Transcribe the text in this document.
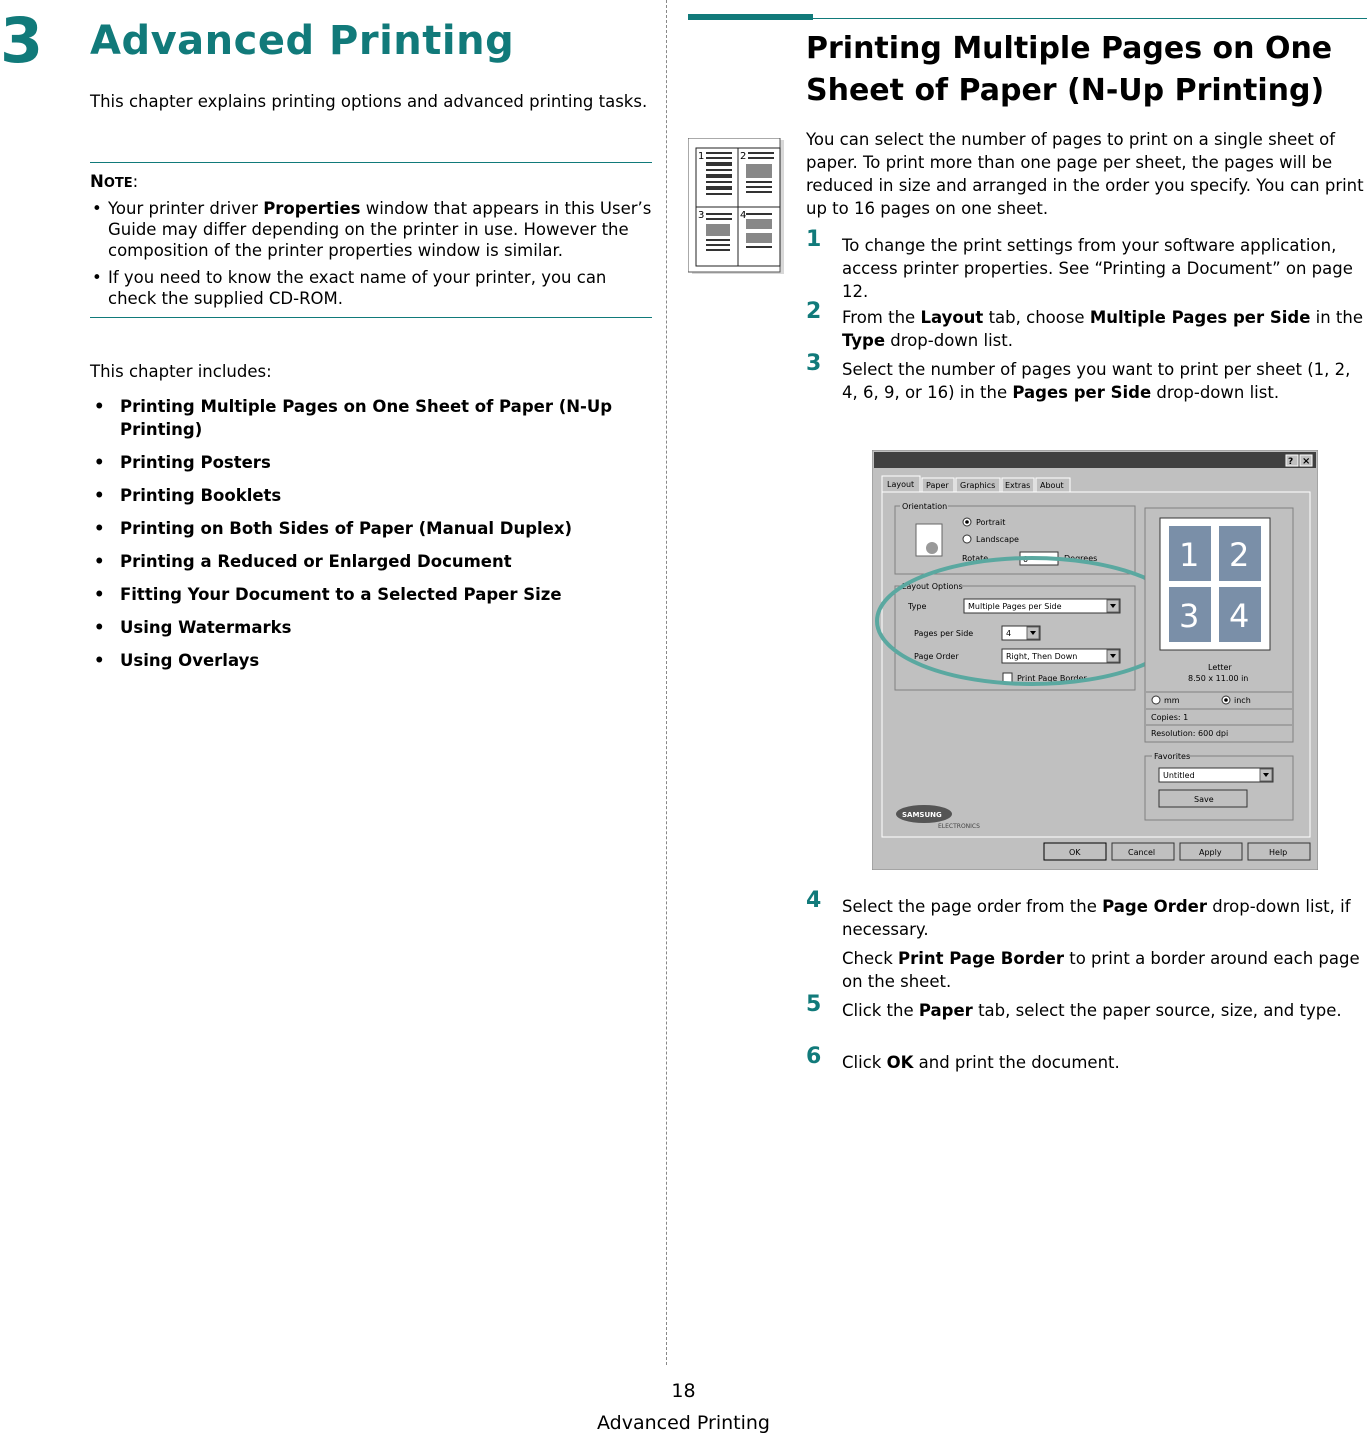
3 Advanced Printing
This chapter explains printing options and advanced printing tasks.
NOTE:
• Your printer driver Properties window that appears in this User’s Guide may differ depending on the printer in use. However the composition of the printer properties window is similar.
• If you need to know the exact name of your printer, you can check the supplied CD-ROM.
This chapter includes:
• Printing Multiple Pages on One Sheet of Paper (N-Up Printing)
• Printing Posters
• Printing Booklets
• Printing on Both Sides of Paper (Manual Duplex)
• Printing a Reduced or Enlarged Document
• Fitting Your Document to a Selected Paper Size
• Using Watermarks
• Using Overlays
Printing Multiple Pages on One Sheet of Paper (N-Up Printing)
1	2
3	4
You can select the number of pages to print on a single sheet of paper. To print more than one page per sheet, the pages will be reduced in size and arranged in the order you specify. You can print up to 16 pages on one sheet.
1 To change the print settings from your software application, access printer properties. See “Printing a Document” on page 12.
2 From the Layout tab, choose Multiple Pages per Side in the Type drop-down list.
3 Select the number of pages you want to print per sheet (1, 2, 4, 6, 9, or 16) in the Pages per Side drop-down list.
? ×
Layout Paper Graphics Extras About
Orientation
Portrait
Landscape
Rotate	0	Degrees
Layout Options
Type	Multiple Pages per Side
Pages per Side	4
Page Order	Right, Then Down
Print Page Border
1 2
3 4
Letter
8.50 x 11.00 in
mm	inch
Copies: 1
Resolution: 600 dpi
Favorites
Untitled
Save
SAMSUNG
ELECTRONICS
OK	Cancel	Apply	Help
4 Select the page order from the Page Order drop-down list, if necessary.
Check Print Page Border to print a border around each page on the sheet.
5 Click the Paper tab, select the paper source, size, and type.
6 Click OK and print the document.
18
Advanced Printing
